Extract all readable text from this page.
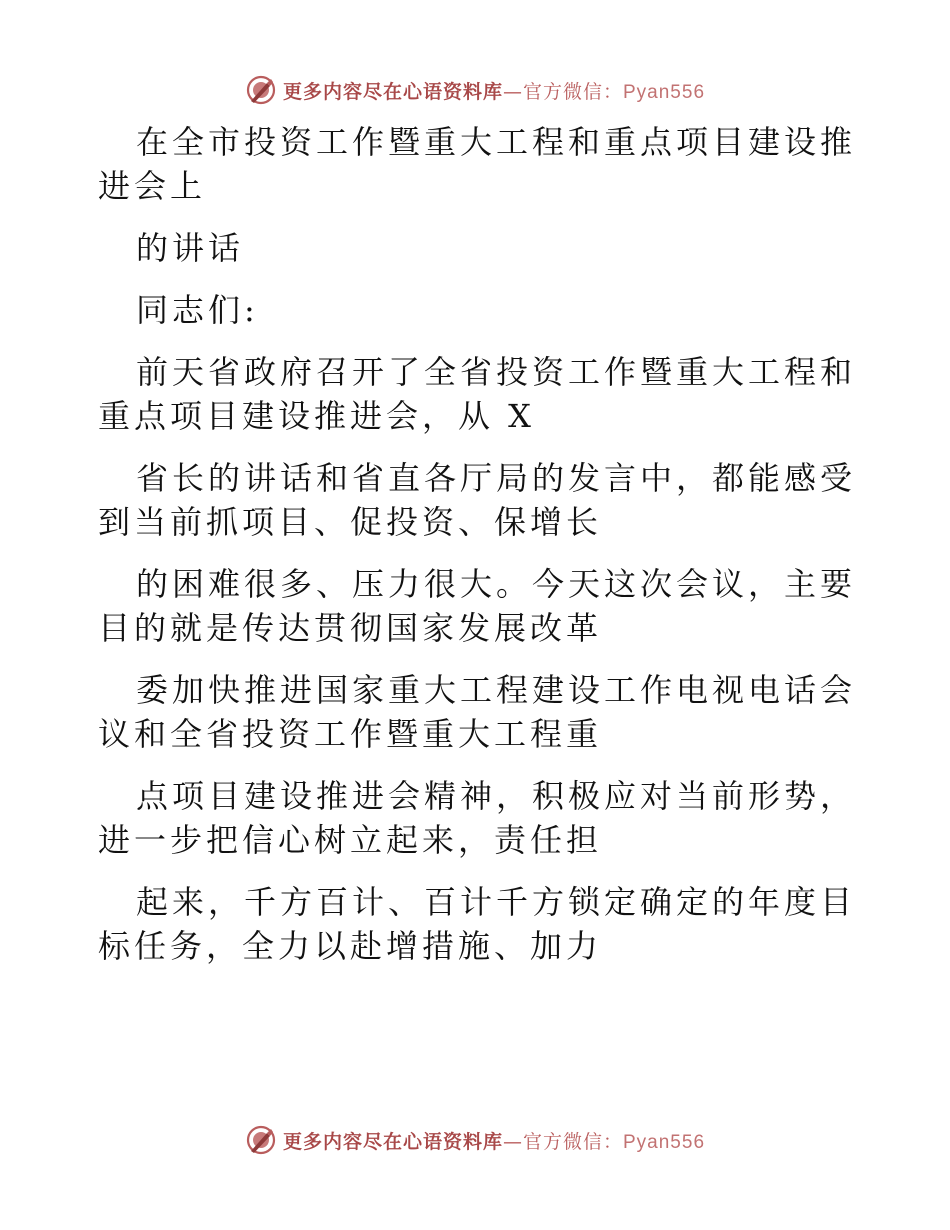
更多内容尽在心语资料库—官方微信：Pyan556

在全市投资工作暨重大工程和重点项目建设推进会上

的讲话

同志们:

前天省政府召开了全省投资工作暨重大工程和重点项目建设推进会，从 X

省长的讲话和省直各厅局的发言中，都能感受到当前抓项目、促投资、保增长

的困难很多、压力很大。今天这次会议，主要目的就是传达贯彻国家发展改革

委加快推进国家重大工程建设工作电视电话会议和全省投资工作暨重大工程重

点项目建设推进会精神，积极应对当前形势，进一步把信心树立起来，责任担

起来，千方百计、百计千方锁定确定的年度目标任务，全力以赴增措施、加力

更多内容尽在心语资料库—官方微信：Pyan556
